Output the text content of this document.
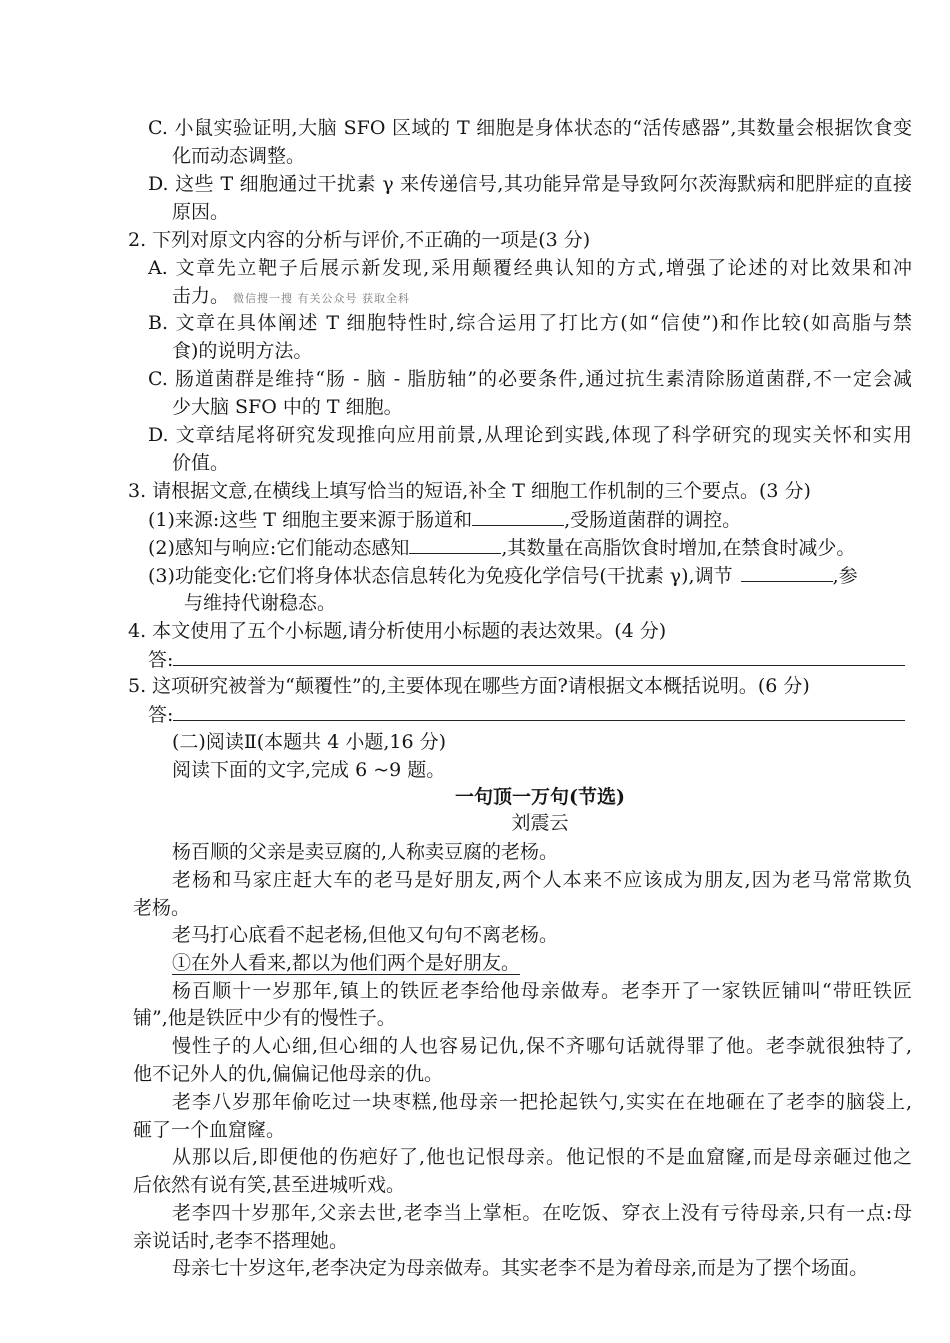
C. 小鼠实验证明,大脑 SFO 区域的 T 细胞是身体状态的“活传感器”,其数量会根据饮食变
化而动态调整。
D. 这些 T 细胞通过干扰素 γ 来传递信号,其功能异常是导致阿尔茨海默病和肥胖症的直接
原因。
2. 下列对原文内容的分析与评价,不正确的一项是(3 分)
A. 文章先立靶子后展示新发现,采用颠覆经典认知的方式,增强了论述的对比效果和冲
击力。 微信搜一搜 有关公众号 获取全科
B. 文章在具体阐述 T 细胞特性时,综合运用了打比方(如“信使”)和作比较(如高脂与禁
食)的说明方法。
C. 肠道菌群是维持“肠 - 脑 - 脂肪轴”的必要条件,通过抗生素清除肠道菌群,不一定会减
少大脑 SFO 中的 T 细胞。
D. 文章结尾将研究发现推向应用前景,从理论到实践,体现了科学研究的现实关怀和实用
价值。
3. 请根据文意,在横线上填写恰当的短语,补全 T 细胞工作机制的三个要点。(3 分)
(1)来源:这些 T 细胞主要来源于肠道和	,受肠道菌群的调控。
(2)感知与响应:它们能动态感知	,其数量在高脂饮食时增加,在禁食时减少。
(3)功能变化:它们将身体状态信息转化为免疫化学信号(干扰素 γ),调节	,参
与维持代谢稳态。
4. 本文使用了五个小标题,请分析使用小标题的表达效果。(4 分)
答:
5. 这项研究被誉为“颠覆性”的,主要体现在哪些方面?请根据文本概括说明。(6 分)
答:
(二)阅读Ⅱ(本题共 4 小题,16 分)
阅读下面的文字,完成 6 ~9 题。
一句顶一万句(节选)
刘震云
杨百顺的父亲是卖豆腐的,人称卖豆腐的老杨。
老杨和马家庄赶大车的老马是好朋友,两个人本来不应该成为朋友,因为老马常常欺负
老杨。
老马打心底看不起老杨,但他又句句不离老杨。
①在外人看来,都以为他们两个是好朋友。
杨百顺十一岁那年,镇上的铁匠老李给他母亲做寿。老李开了一家铁匠铺叫“带旺铁匠
铺”,他是铁匠中少有的慢性子。
慢性子的人心细,但心细的人也容易记仇,保不齐哪句话就得罪了他。老李就很独特了,
他不记外人的仇,偏偏记他母亲的仇。
老李八岁那年偷吃过一块枣糕,他母亲一把抡起铁勺,实实在在地砸在了老李的脑袋上,
砸了一个血窟窿。
从那以后,即便他的伤疤好了,他也记恨母亲。他记恨的不是血窟窿,而是母亲砸过他之
后依然有说有笑,甚至进城听戏。
老李四十岁那年,父亲去世,老李当上掌柜。在吃饭、穿衣上没有亏待母亲,只有一点:母
亲说话时,老李不搭理她。
母亲七十岁这年,老李决定为母亲做寿。其实老李不是为着母亲,而是为了摆个场面。
